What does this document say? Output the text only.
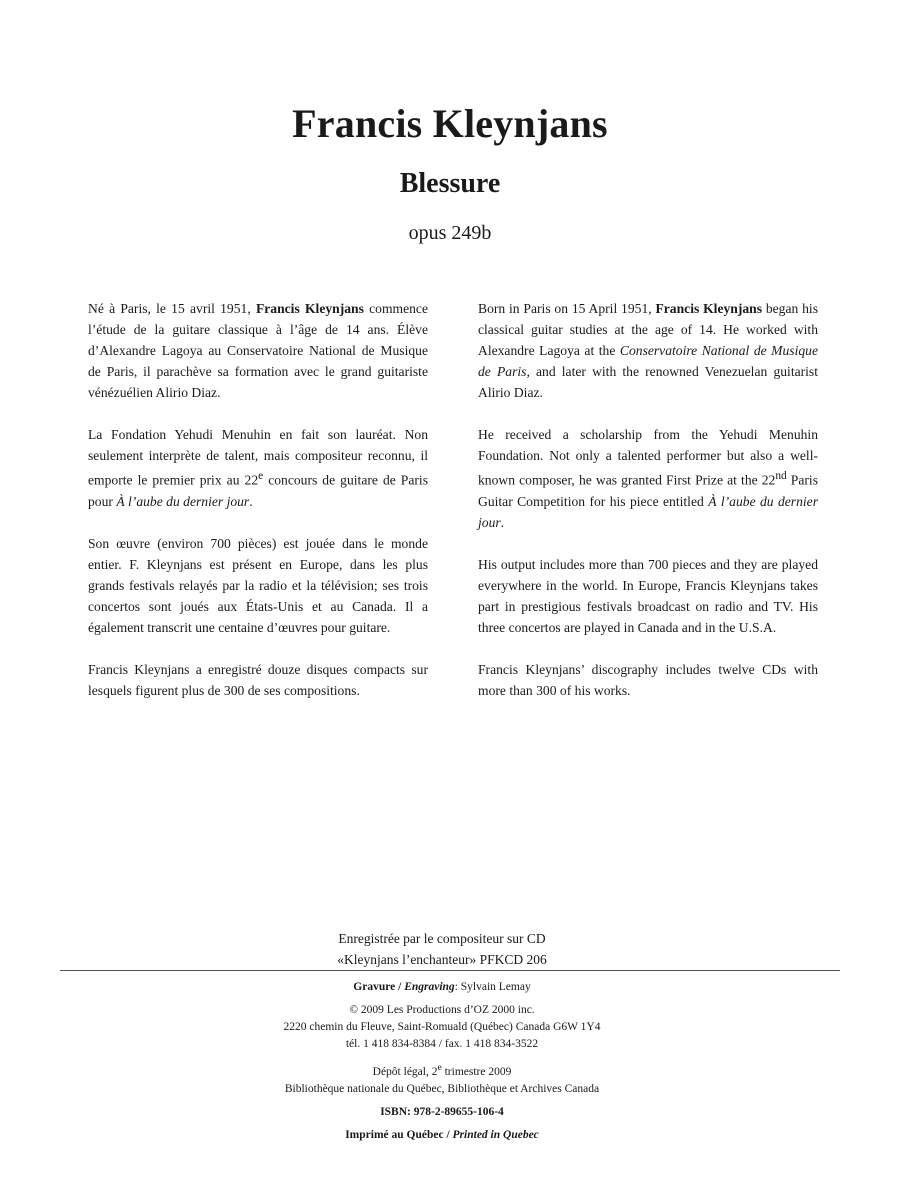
Francis Kleynjans
Blessure
opus 249b

Né à Paris, le 15 avril 1951, Francis Kleynjans commence l’étude de la guitare classique à l’âge de 14 ans. Élève d’Alexandre Lagoya au Conservatoire National de Musique de Paris, il parachève sa formation avec le grand guitariste vénézuélien Alirio Diaz.

La Fondation Yehudi Menuhin en fait son lauréat. Non seulement interprète de talent, mais compositeur reconnu, il emporte le premier prix au 22e concours de guitare de Paris pour À l’aube du dernier jour.

Son œuvre (environ 700 pièces) est jouée dans le monde entier. F. Kleynjans est présent en Europe, dans les plus grands festivals relayés par la radio et la télévision; ses trois concertos sont joués aux États-Unis et au Canada. Il a également transcrit une centaine d’œuvres pour guitare.

Francis Kleynjans a enregistré douze disques compacts sur lesquels figurent plus de 300 de ses compositions.

Born in Paris on 15 April 1951, Francis Kleynjans began his classical guitar studies at the age of 14. He worked with Alexandre Lagoya at the Conservatoire National de Musique de Paris, and later with the renowned Venezuelan guitarist Alirio Diaz.

He received a scholarship from the Yehudi Menuhin Foundation. Not only a talented performer but also a well-known composer, he was granted First Prize at the 22nd Paris Guitar Competition for his piece entitled À l’aube du dernier jour.

His output includes more than 700 pieces and they are played everywhere in the world. In Europe, Francis Kleynjans takes part in prestigious festivals broadcast on radio and TV. His three concertos are played in Canada and in the U.S.A.

Francis Kleynjans’ discography includes twelve CDs with more than 300 of his works.

Enregistrée par le compositeur sur CD
«Kleynjans l’enchanteur» PFKCD 206
Gravure / Engraving: Sylvain Lemay
© 2009 Les Productions d’OZ 2000 inc.
2220 chemin du Fleuve, Saint-Romuald (Québec) Canada G6W 1Y4
tél. 1 418 834-8384 / fax. 1 418 834-3522
Dépôt légal, 2e trimestre 2009
Bibliothèque nationale du Québec, Bibliothèque et Archives Canada
ISBN: 978-2-89655-106-4
Imprimé au Québec / Printed in Quebec
